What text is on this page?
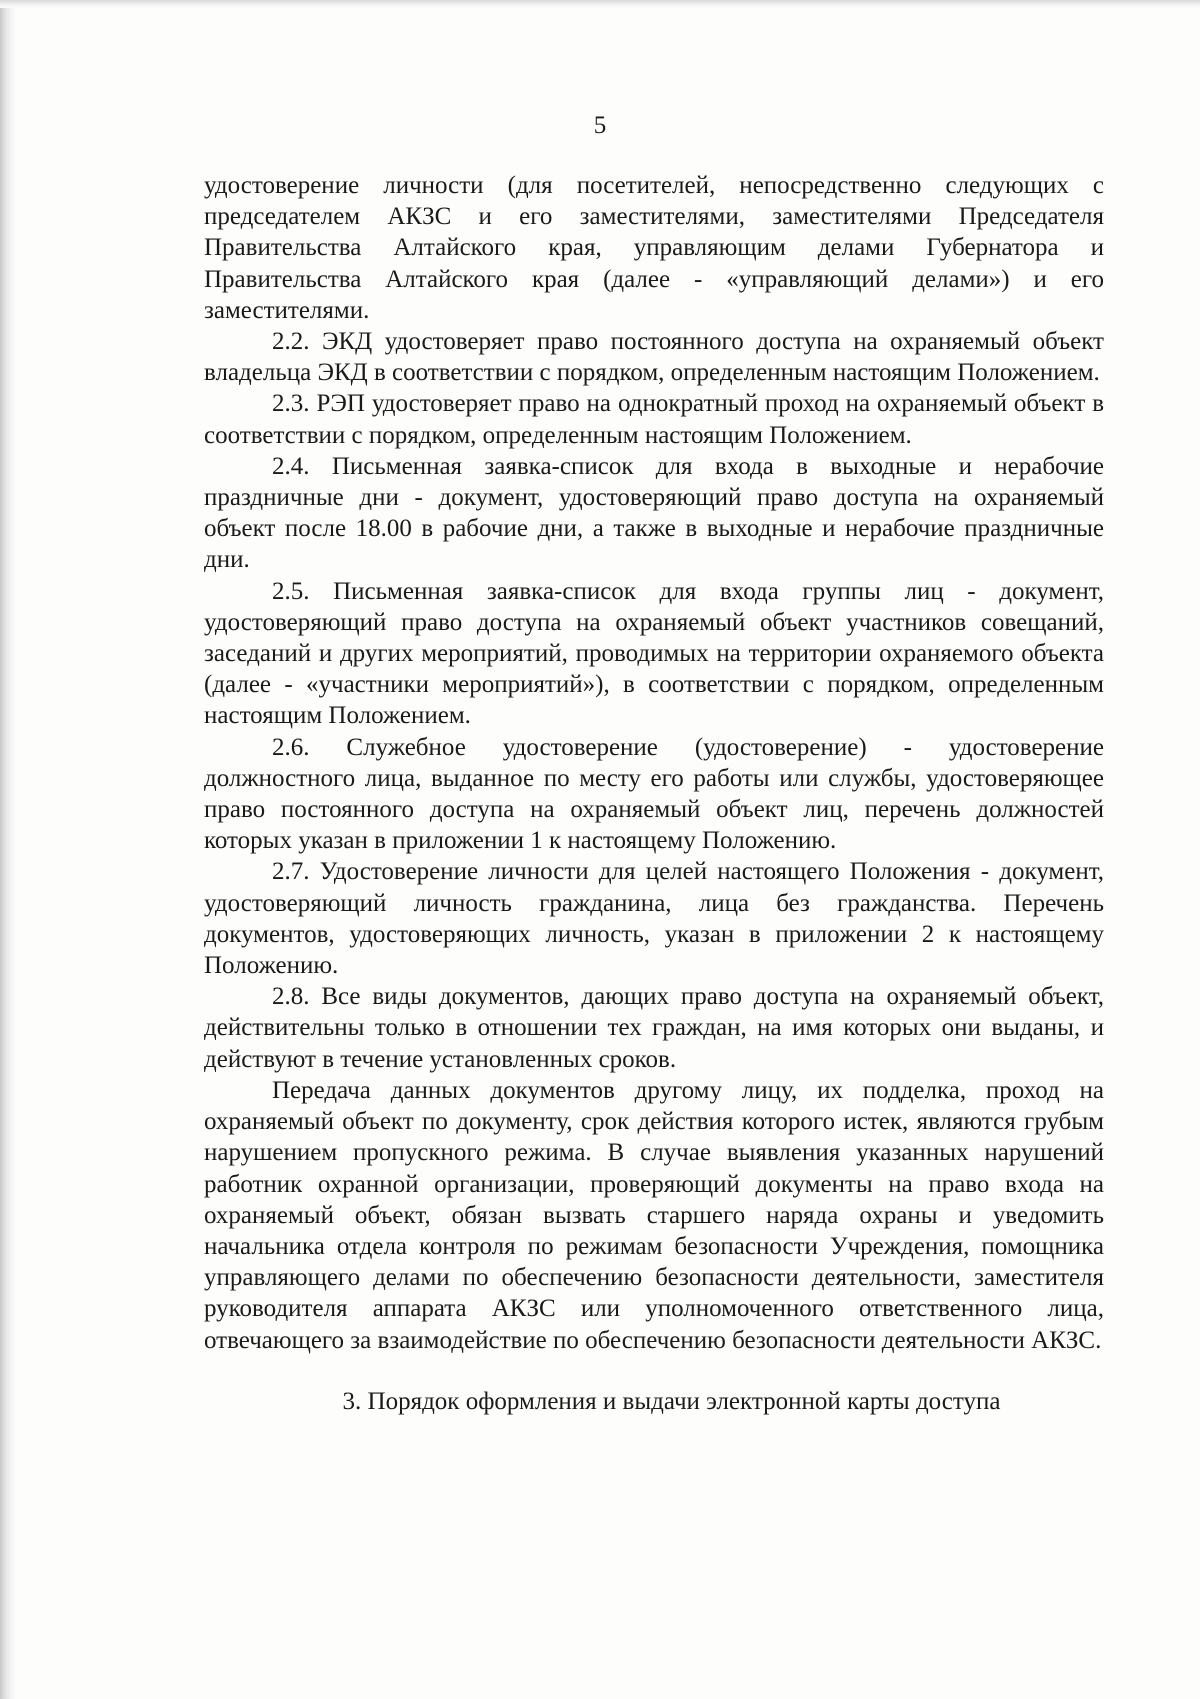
5

удостоверение личности (для посетителей, непосредственно следующих с председателем АКЗС и его заместителями, заместителями Председателя Правительства Алтайского края, управляющим делами Губернатора и Правительства Алтайского края (далее - «управляющий делами») и его заместителями.

2.2. ЭКД удостоверяет право постоянного доступа на охраняемый объект владельца ЭКД в соответствии с порядком, определенным настоящим Положением.

2.3. РЭП удостоверяет право на однократный проход на охраняемый объект в соответствии с порядком, определенным настоящим Положением.

2.4. Письменная заявка-список для входа в выходные и нерабочие праздничные дни - документ, удостоверяющий право доступа на охраняемый объект после 18.00 в рабочие дни, а также в выходные и нерабочие праздничные дни.

2.5. Письменная заявка-список для входа группы лиц - документ, удостоверяющий право доступа на охраняемый объект участников совещаний, заседаний и других мероприятий, проводимых на территории охраняемого объекта (далее - «участники мероприятий»), в соответствии с порядком, определенным настоящим Положением.

2.6. Служебное удостоверение (удостоверение) - удостоверение должностного лица, выданное по месту его работы или службы, удостоверяющее право постоянного доступа на охраняемый объект лиц, перечень должностей которых указан в приложении 1 к настоящему Положению.

2.7. Удостоверение личности для целей настоящего Положения - документ, удостоверяющий личность гражданина, лица без гражданства. Перечень документов, удостоверяющих личность, указан в приложении 2 к настоящему Положению.

2.8. Все виды документов, дающих право доступа на охраняемый объект, действительны только в отношении тех граждан, на имя которых они выданы, и действуют в течение установленных сроков.

Передача данных документов другому лицу, их подделка, проход на охраняемый объект по документу, срок действия которого истек, являются грубым нарушением пропускного режима. В случае выявления указанных нарушений работник охранной организации, проверяющий документы на право входа на охраняемый объект, обязан вызвать старшего наряда охраны и уведомить начальника отдела контроля по режимам безопасности Учреждения, помощника управляющего делами по обеспечению безопасности деятельности, заместителя руководителя аппарата АКЗС или уполномоченного ответственного лица, отвечающего за взаимодействие по обеспечению безопасности деятельности АКЗС.

3. Порядок оформления и выдачи электронной карты доступа
